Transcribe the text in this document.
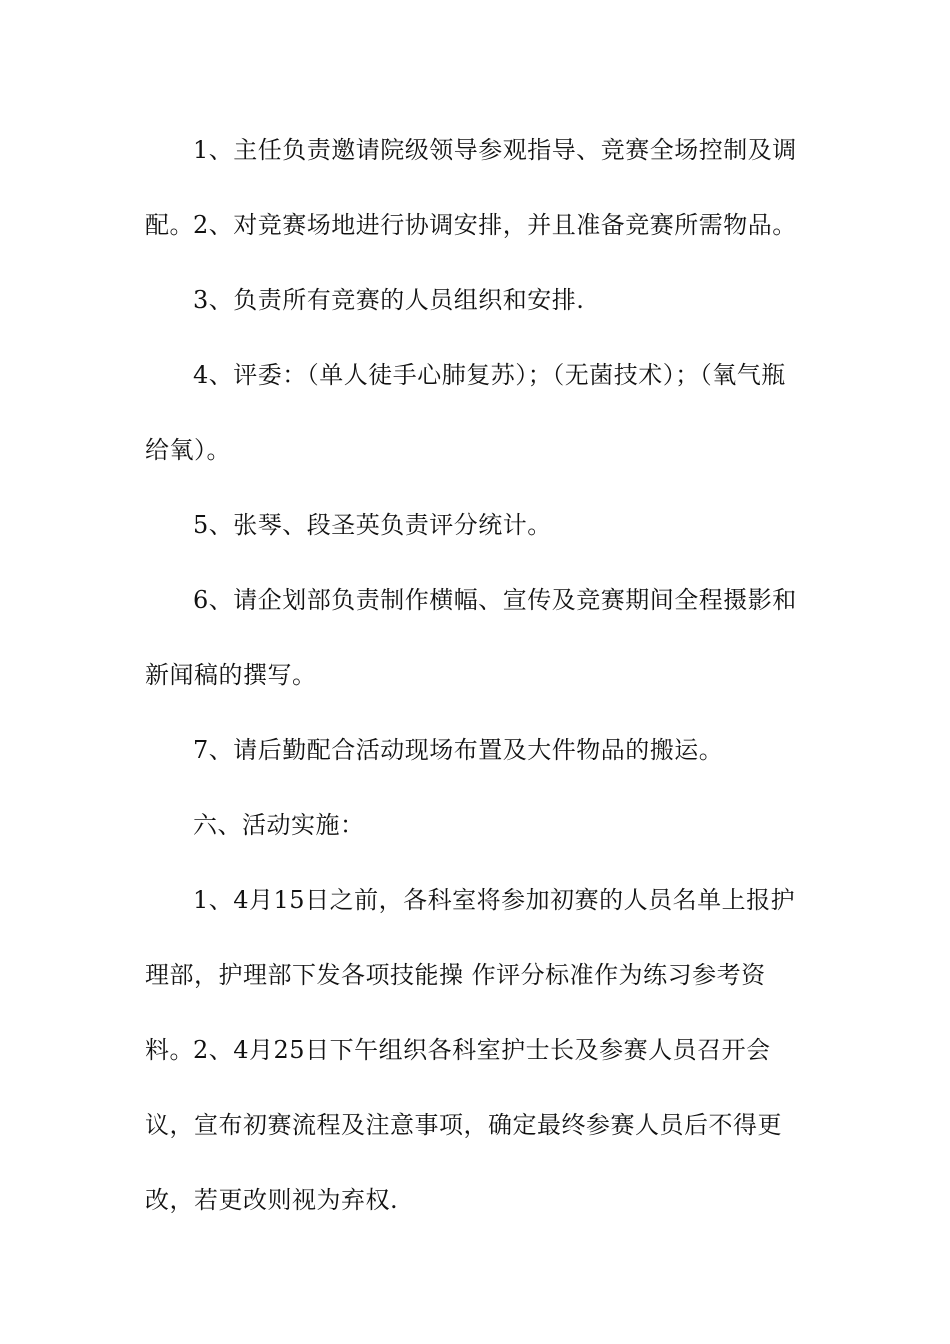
1、主任负责邀请院级领导参观指导、竞赛全场控制及调配。 2、对竞赛场地进行协调安排，并且准备竞赛所需物品。

3、负责所有竞赛的人员组织和安排.

4、评委：（单人徒手心肺复苏）；（无菌技术）；（氧气瓶给氧）。

5、张琴、段圣英负责评分统计。

6、请企划部负责制作横幅、宣传及竞赛期间全程摄影和新闻稿的撰写。

7、请后勤配合活动现场布置及大件物品的搬运。

六、活动实施：

1、4月15日之前，各科室将参加初赛的人员名单上报护理部，护理部下发各项技能操 作评分标准作为练习参考资料。 2、4月25日下午组织各科室护士长及参赛人员召开会议，宣布初赛流程及注意事项，确定最终参赛人员后不得更改，若更改则视为弃权.
